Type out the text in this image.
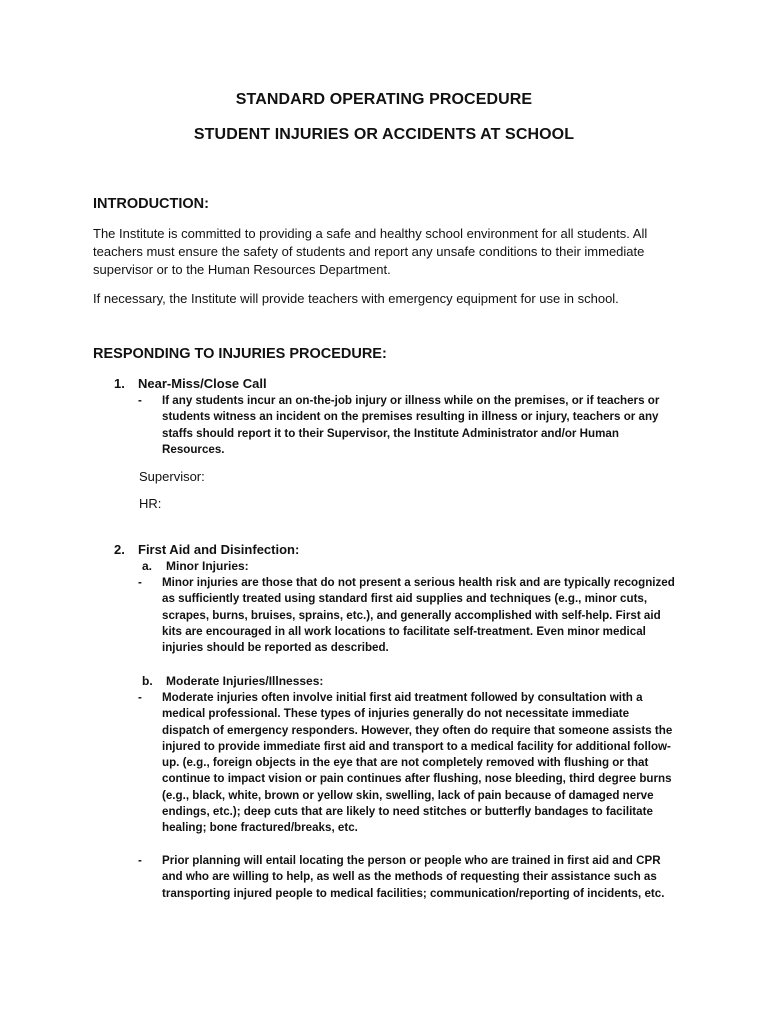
STANDARD OPERATING PROCEDURE
STUDENT INJURIES OR ACCIDENTS AT SCHOOL
INTRODUCTION:
The Institute is committed to providing a safe and healthy school environment for all students. All teachers must ensure the safety of students and report any unsafe conditions to their immediate supervisor or to the Human Resources Department.
If necessary, the Institute will provide teachers with emergency equipment for use in school.
RESPONDING TO INJURIES PROCEDURE:
1. Near-Miss/Close Call
- If any students incur an on-the-job injury or illness while on the premises, or if teachers or students witness an incident on the premises resulting in illness or injury, teachers or any staffs should report it to their Supervisor, the Institute Administrator and/or Human Resources.
Supervisor:
HR:
2. First Aid and Disinfection:
a. Minor Injuries:
- Minor injuries are those that do not present a serious health risk and are typically recognized as sufficiently treated using standard first aid supplies and techniques (e.g., minor cuts, scrapes, burns, bruises, sprains, etc.), and generally accomplished with self-help. First aid kits are encouraged in all work locations to facilitate self-treatment. Even minor medical injuries should be reported as described.
b. Moderate Injuries/Illnesses:
- Moderate injuries often involve initial first aid treatment followed by consultation with a medical professional. These types of injuries generally do not necessitate immediate dispatch of emergency responders. However, they often do require that someone assists the injured to provide immediate first aid and transport to a medical facility for additional follow-up. (e.g., foreign objects in the eye that are not completely removed with flushing or that continue to impact vision or pain continues after flushing, nose bleeding, third degree burns (e.g., black, white, brown or yellow skin, swelling, lack of pain because of damaged nerve endings, etc.); deep cuts that are likely to need stitches or butterfly bandages to facilitate healing; bone fractured/breaks, etc.
- Prior planning will entail locating the person or people who are trained in first aid and CPR and who are willing to help, as well as the methods of requesting their assistance such as transporting injured people to medical facilities; communication/reporting of incidents, etc.
